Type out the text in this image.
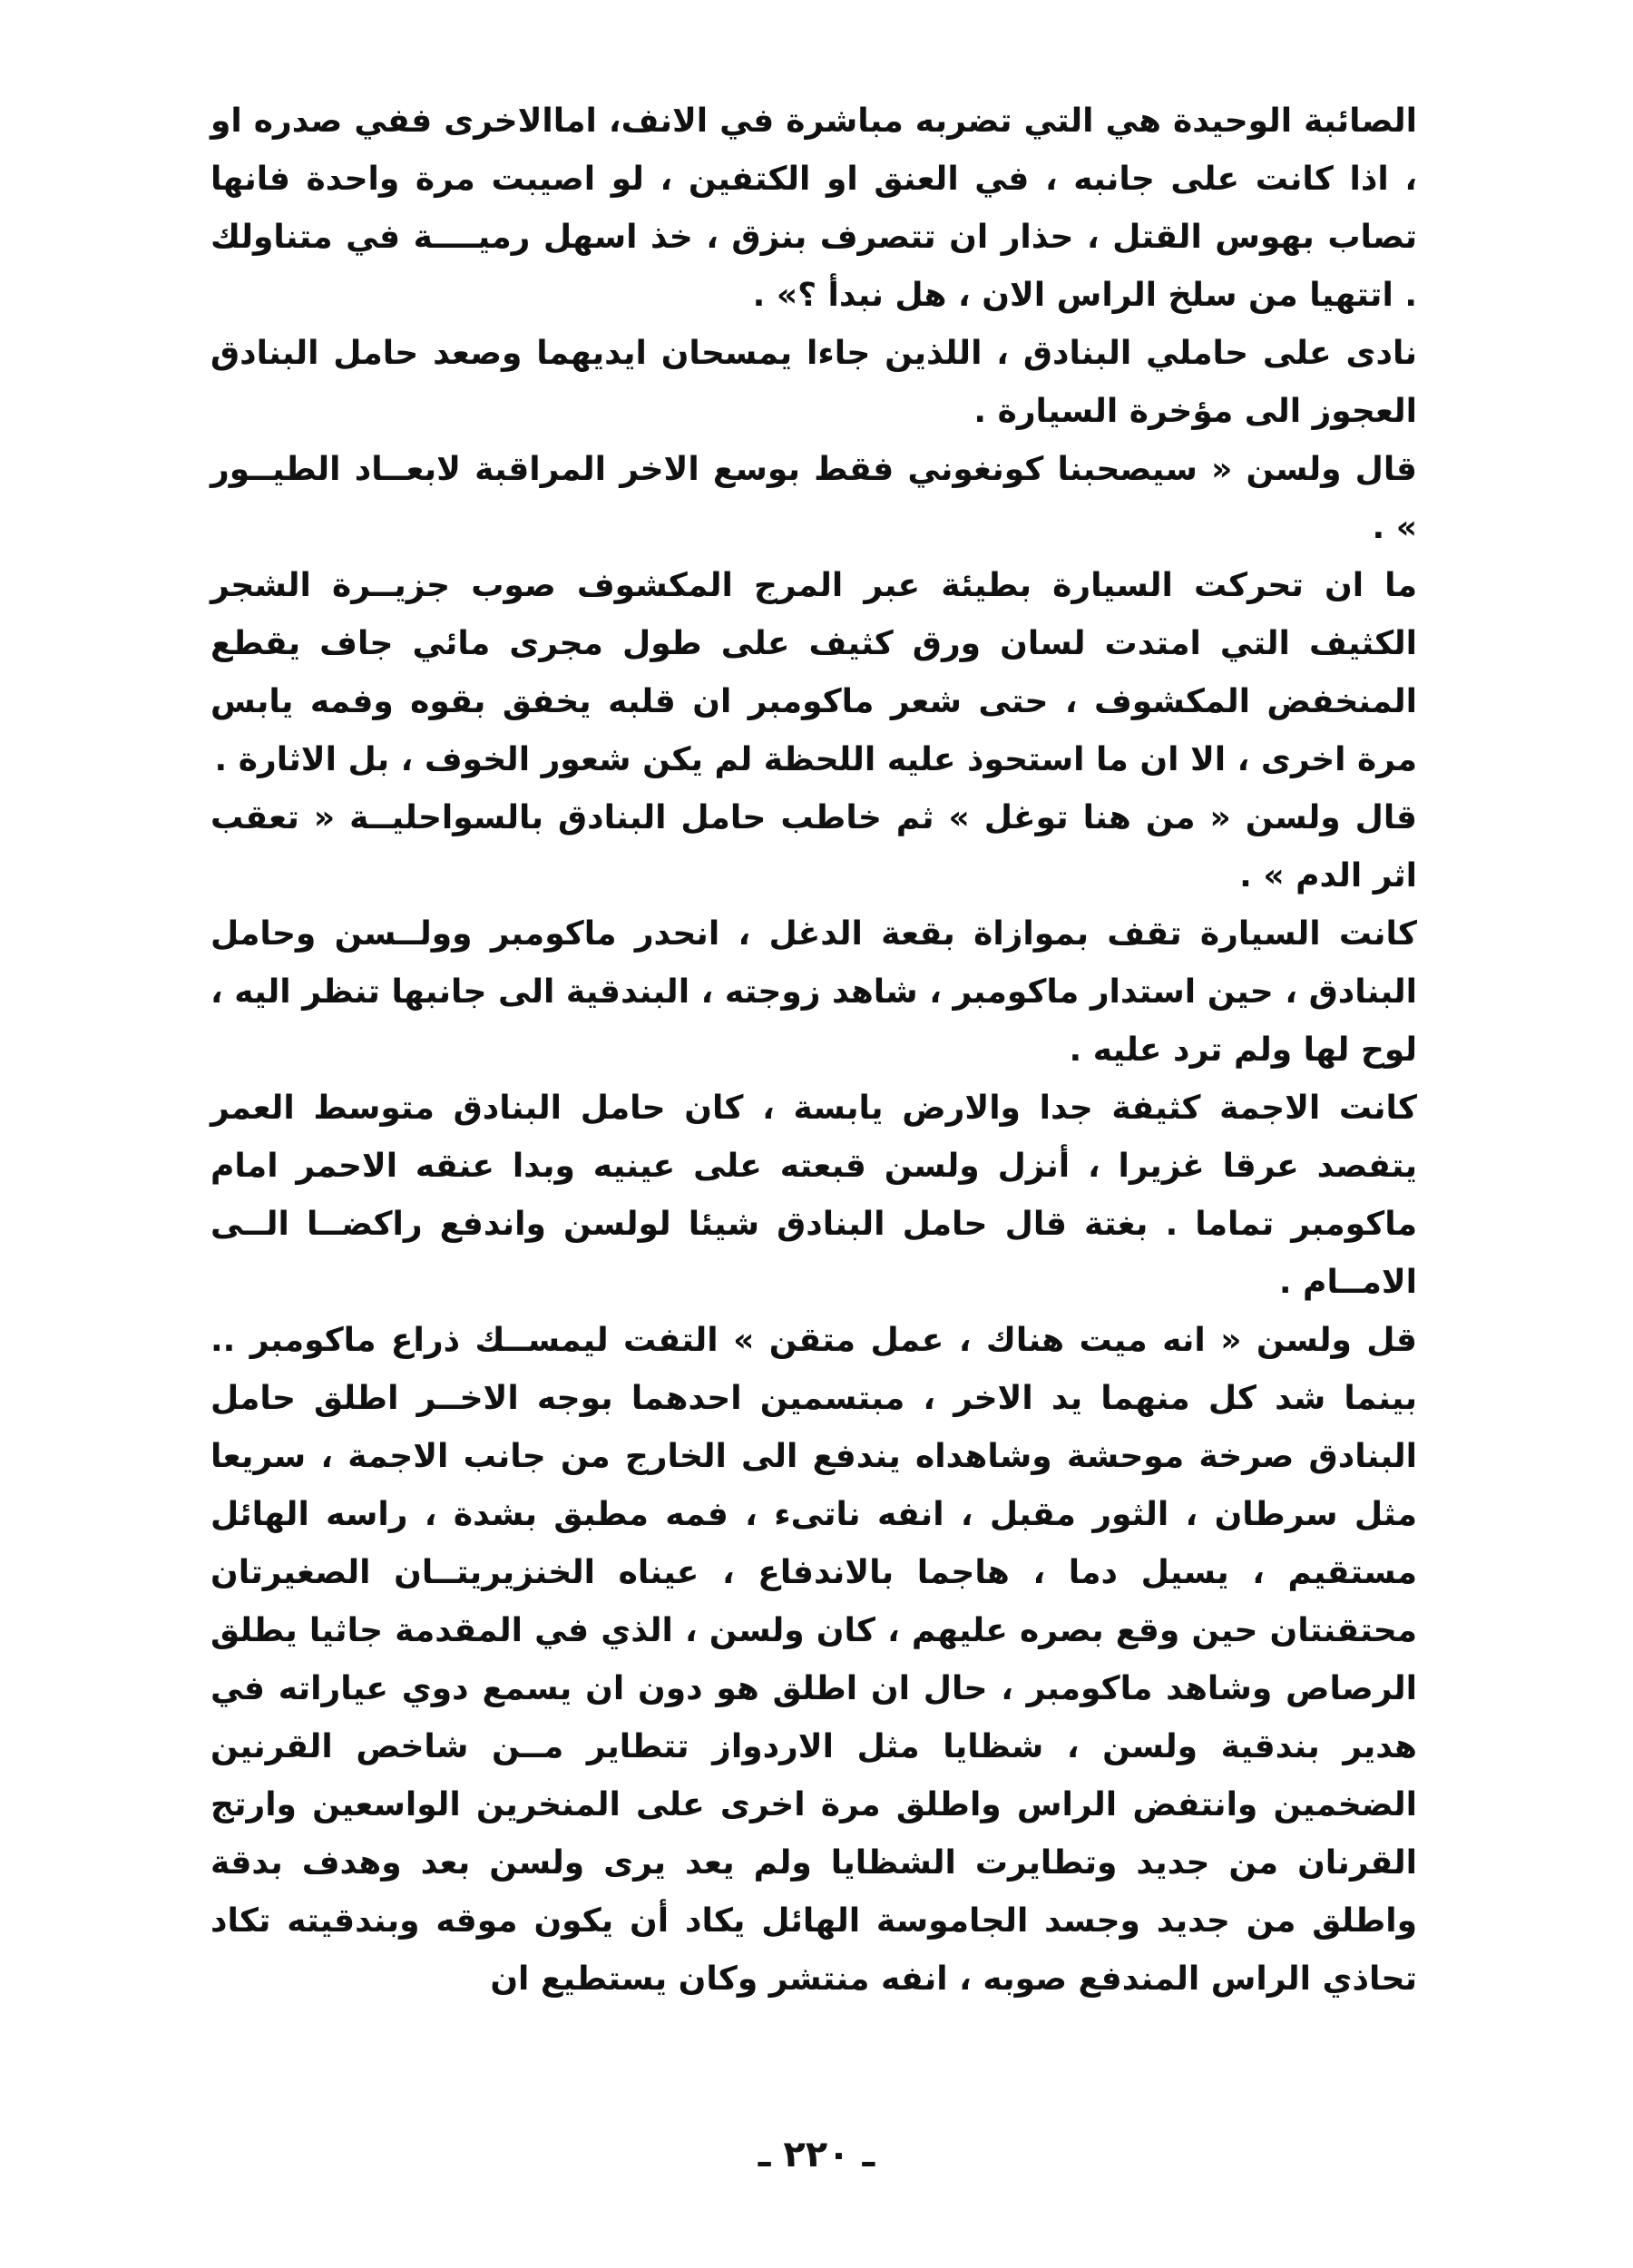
الصائبة الوحيدة هي التي تضربه مباشرة في الانف، اماالاخرى ففي صدره او ، اذا كانت على جانبه ، في العنق او الكتفين ، لو اصيبت مرة واحدة فانها تصاب بهوس القتل ، حذار ان تتصرف بنزق ، خذ اسهل رميــــة في متناولك . اتتهيا من سلخ الراس الان ، هل نبدأ ؟» .

نادى على حاملي البنادق ، اللذين جاءا يمسحان ايديهما وصعد حامل البنادق العجوز الى مؤخرة السيارة .

قال ولسن « سيصحبنا كونغوني فقط بوسع الاخر المراقبة لابعــاد الطيــور » .

ما ان تحركت السيارة بطيئة عبر المرج المكشوف صوب جزيــرة الشجر الكثيف التي امتدت لسان ورق كثيف على طول مجرى مائي جاف يقطع المنخفض المكشوف ، حتى شعر ماكومبر ان قلبه يخفق بقوه وفمه يابس مرة اخرى ، الا ان ما استحوذ عليه اللحظة لم يكن شعور الخوف ، بل الاثارة .

قال ولسن « من هنا توغل » ثم خاطب حامل البنادق بالسواحليــة « تعقب اثر الدم » .

كانت السيارة تقف بموازاة بقعة الدغل ، انحدر ماكومبر وولــسن وحامل البنادق ، حين استدار ماكومبر ، شاهد زوجته ، البندقية الى جانبها تنظر اليه ، لوح لها ولم ترد عليه .

كانت الاجمة كثيفة جدا والارض يابسة ، كان حامل البنادق متوسط العمر يتفصد عرقا غزيرا ، أنزل ولسن قبعته على عينيه وبدا عنقه الاحمر امام ماكومبر تماما . بغتة قال حامل البنادق شيئا لولسن واندفع راكضــا الــى الامــام .

قل ولسن « انه ميت هناك ، عمل متقن » التفت ليمســك ذراع ماكومبر .. بينما شد كل منهما يد الاخر ، مبتسمين احدهما بوجه الاخــر اطلق حامل البنادق صرخة موحشة وشاهداه يندفع الى الخارج من جانب الاجمة ، سريعا مثل سرطان ، الثور مقبل ، انفه ناتىء ، فمه مطبق بشدة ، راسه الهائل مستقيم ، يسيل دما ، هاجما بالاندفاع ، عيناه الخنزيريتــان الصغيرتان محتقنتان حين وقع بصره عليهم ، كان ولسن ، الذي في المقدمة جاثيا يطلق الرصاص وشاهد ماكومبر ، حال ان اطلق هو دون ان يسمع دوي عياراته في هدير بندقية ولسن ، شظايا مثل الاردواز تتطاير مــن شاخص القرنين الضخمين وانتفض الراس واطلق مرة اخرى على المنخرين الواسعين وارتج القرنان من جديد وتطايرت الشظايا ولم يعد يرى ولسن بعد وهدف بدقة واطلق من جديد وجسد الجاموسة الهائل يكاد أن يكون موقه وبندقيته تكاد تحاذي الراس المندفع صوبه ، انفه منتشر وكان يستطيع ان

ـ ٢٢٠ ـ
